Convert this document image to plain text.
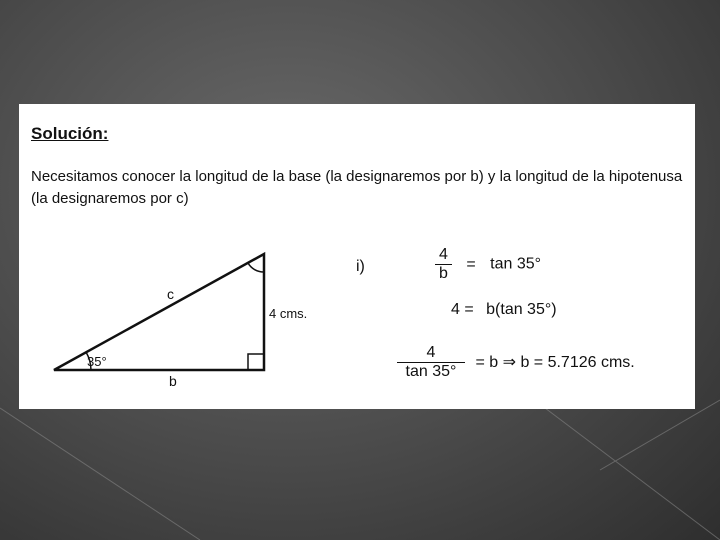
Solución:

Necesitamos conocer la longitud de la base (la designaremos por b) y la longitud de la hipotenusa (la designaremos por c)

c
b
4 cms.
35°
i)	$\frac{4}{b} = \tan 35^\circ$
4 = b(tan 35°)
$\frac{4}{\tan 35^\circ} = b$ ⇒ b = 5.7126 cms.
